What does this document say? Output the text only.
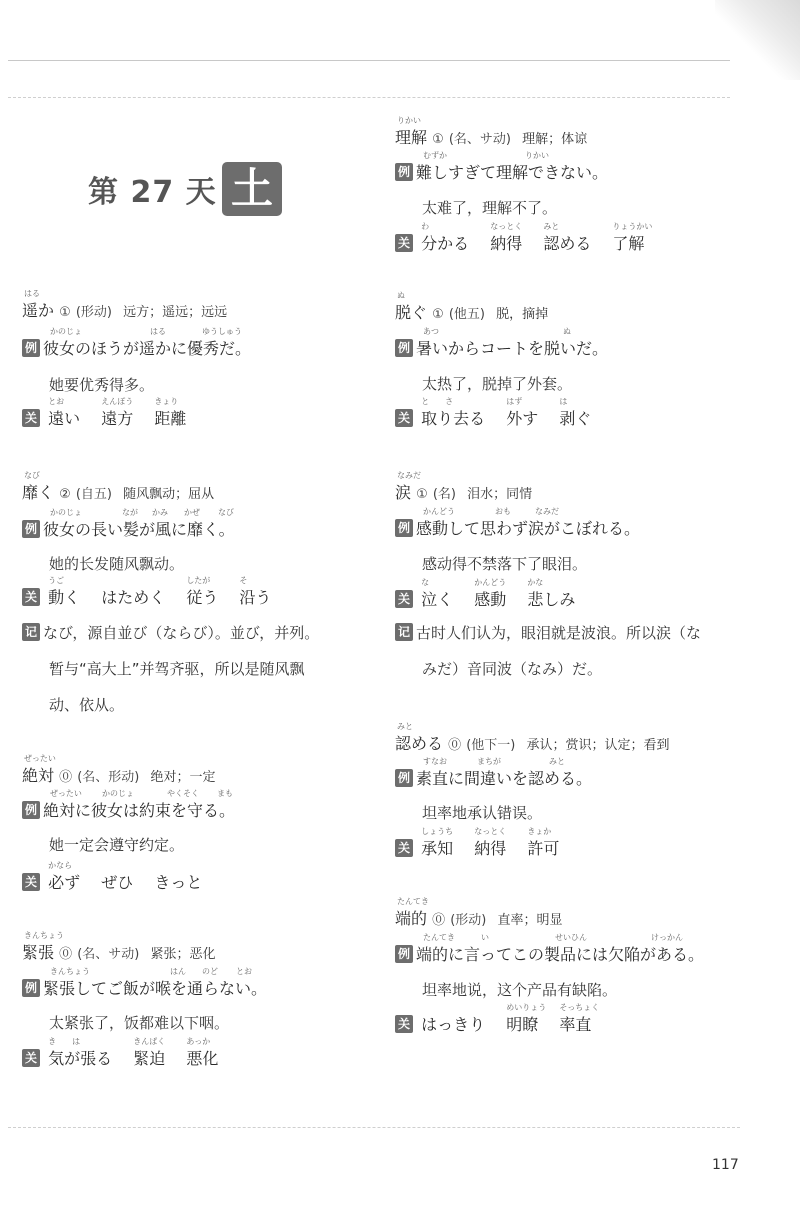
第 27 天 土
はる
遥か ① (形动) 远方；遥远；远远
かのじょ	はる	ゆうしゅう
例 彼女のほうが遥かに優秀だ。
她要优秀得多。
关
とお
遠い
えんぽう
遠方
きょり
距離
なび
靡く ② (自五) 随风飘动；屈从
かのじょ	なが かみ かぜ なび
例 彼女の長い髪が風に靡く。
她的长发随风飘动。
关
うご
動く はためく
したが
従う
そ
沿う
记 なび，源自並び（ならび）。並び，并列。
暂与“高大上”并驾齐驱，所以是随风飘
动、依从。
ぜったい
絶対 ⓪ (名、形动) 绝对；一定
ぜったい	かのじょ	やくそく まも
例 絶対に彼女は約束を守る。
她一定会遵守约定。
关
かなら
必ず ぜひ きっと
きんちょう
緊張 ⓪ (名、サ动) 紧张；恶化
きんちょう	はん のど とお
例 緊張してご飯が喉を通らない。
太紧张了，饭都难以下咽。
关
き　　は
気が張る
きんぱく
緊迫
あっか
悪化
りかい
理解 ① (名、サ动) 理解；体谅
むずか	りかい
例 難しすぎて理解できない。
太难了，理解不了。
关
わ
分かる
なっとく
納得
みと
認める
りょうかい
了解
ぬ
脱ぐ ① (他五) 脱，摘掉
あつ	ぬ
例 暑いからコートを脱いだ。
太热了，脱掉了外套。
关
と　　さ
取り去る
はず
外す
は
剥ぐ
なみだ
涙 ① (名) 泪水；同情
かんどう	おも	なみだ
例 感動して思わず涙がこぼれる。
感动得不禁落下了眼泪。
关
な
泣く
かんどう
感動
かな
悲しみ
记 古时人们认为，眼泪就是波浪。所以涙（な
みだ）音同波（なみ）だ。
みと
認める ⓪ (他下一) 承认；赏识；认定；看到
すなお	まちが	みと
例 素直に間違いを認める。
坦率地承认错误。
关
しょうち
承知
なっとく
納得
きょか
許可
たんてき
端的 ⓪ (形动) 直率；明显
たんてき	い	せいひん	けっかん
例 端的に言ってこの製品には欠陥がある。
坦率地说，这个产品有缺陷。
关 はっきり
めいりょう
明瞭
そっちょく
率直
117
